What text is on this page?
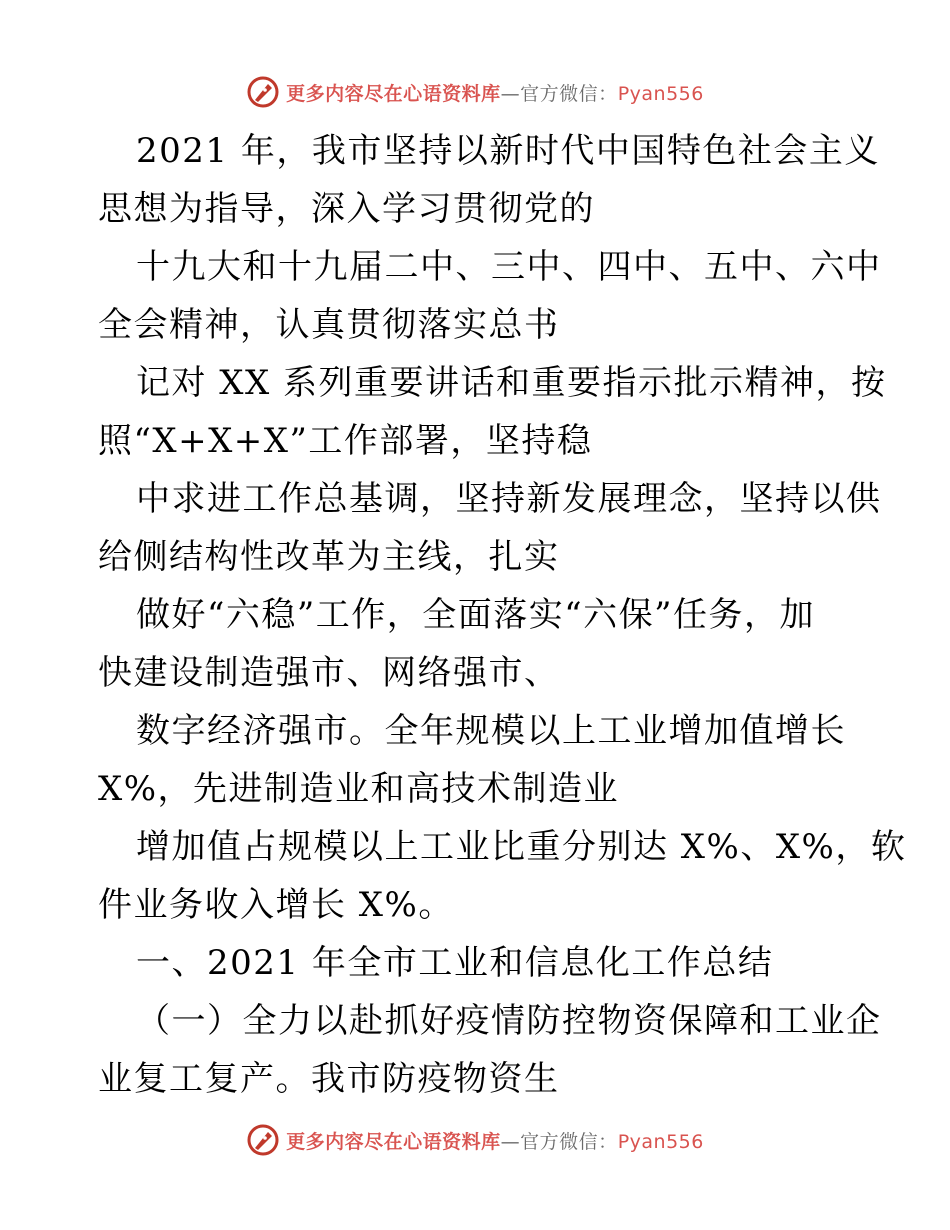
更多内容尽在心语资料库—官方微信：Pyan556
2021 年，我市坚持以新时代中国特色社会主义
思想为指导，深入学习贯彻党的
十九大和十九届二中、三中、四中、五中、六中
全会精神，认真贯彻落实总书
记对 XX 系列重要讲话和重要指示批示精神，按
照“X+X+X”工作部署，坚持稳
中求进工作总基调，坚持新发展理念，坚持以供
给侧结构性改革为主线，扎实
做好“六稳”工作，全面落实“六保”任务，加
快建设制造强市、网络强市、
数字经济强市。全年规模以上工业增加值增长
X%，先进制造业和高技术制造业
增加值占规模以上工业比重分别达 X%、X%，软
件业务收入增长 X%。
一、2021 年全市工业和信息化工作总结
（一）全力以赴抓好疫情防控物资保障和工业企
业复工复产。我市防疫物资生
更多内容尽在心语资料库—官方微信：Pyan556
